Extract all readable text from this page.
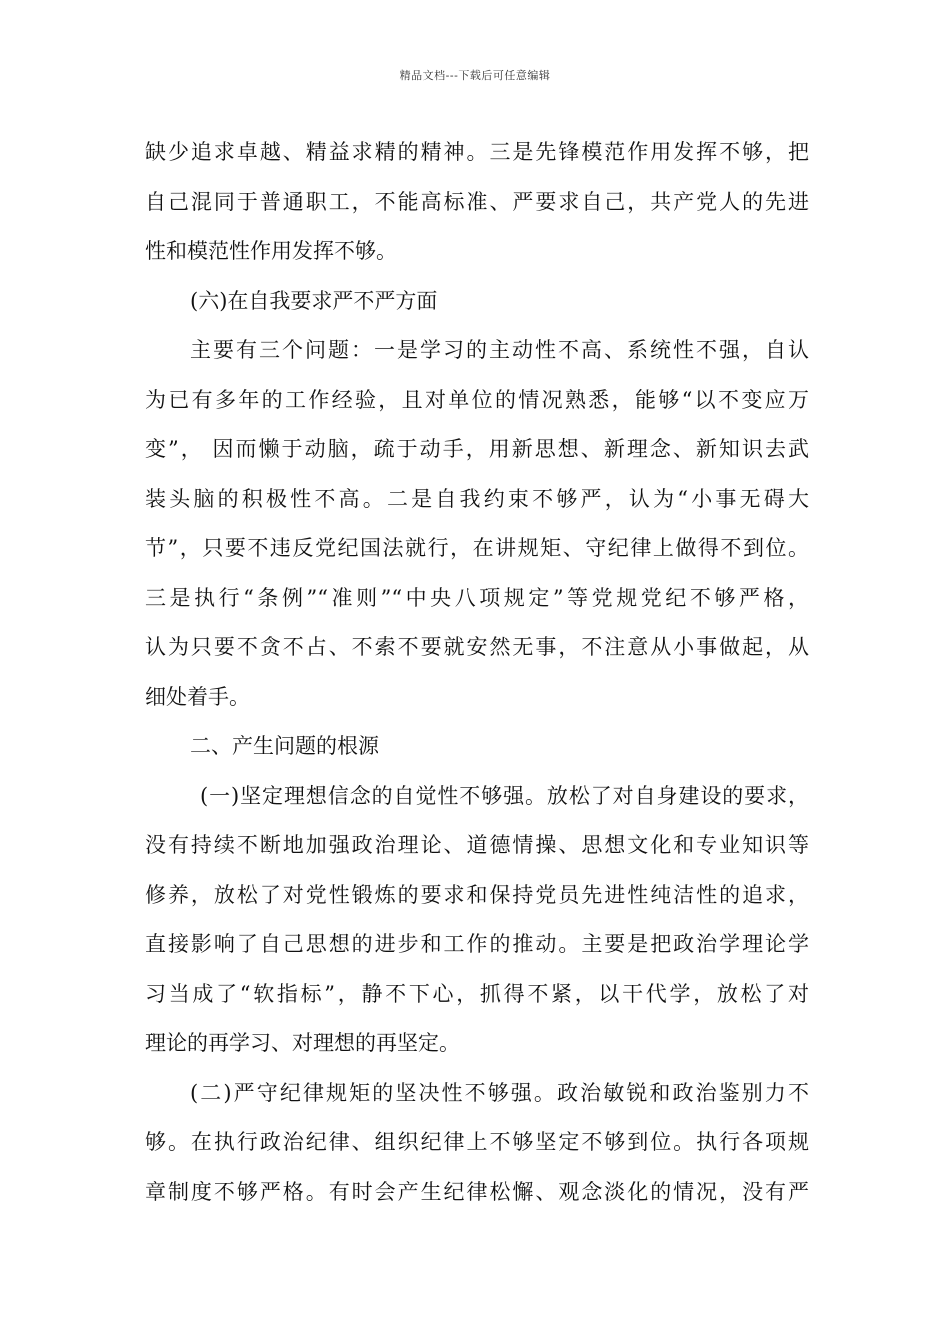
精品文档---下载后可任意编辑
缺少追求卓越、精益求精的精神。三是先锋模范作用发挥不够，把
自己混同于普通职工，不能高标准、严要求自己，共产党人的先进
性和模范性作用发挥不够。
(六)在自我要求严不严方面
主要有三个问题：一是学习的主动性不高、系统性不强，自认
为已有多年的工作经验，且对单位的情况熟悉，能够“以不变应万
变”， 因而懒于动脑，疏于动手，用新思想、新理念、新知识去武
装头脑的积极性不高。二是自我约束不够严，认为“小事无碍大
节”，只要不违反党纪国法就行，在讲规矩、守纪律上做得不到位。
三是执行“条例”“准则”“中央八项规定”等党规党纪不够严格，
认为只要不贪不占、不索不要就安然无事，不注意从小事做起，从
细处着手。
二、产生问题的根源
(一)坚定理想信念的自觉性不够强。放松了对自身建设的要求，
没有持续不断地加强政治理论、道德情操、思想文化和专业知识等
修养，放松了对党性锻炼的要求和保持党员先进性纯洁性的追求，
直接影响了自己思想的进步和工作的推动。主要是把政治学理论学
习当成了“软指标”，静不下心，抓得不紧，以干代学，放松了对
理论的再学习、对理想的再坚定。
(二)严守纪律规矩的坚决性不够强。政治敏锐和政治鉴别力不
够。在执行政治纪律、组织纪律上不够坚定不够到位。执行各项规
章制度不够严格。有时会产生纪律松懈、观念淡化的情况，没有严
